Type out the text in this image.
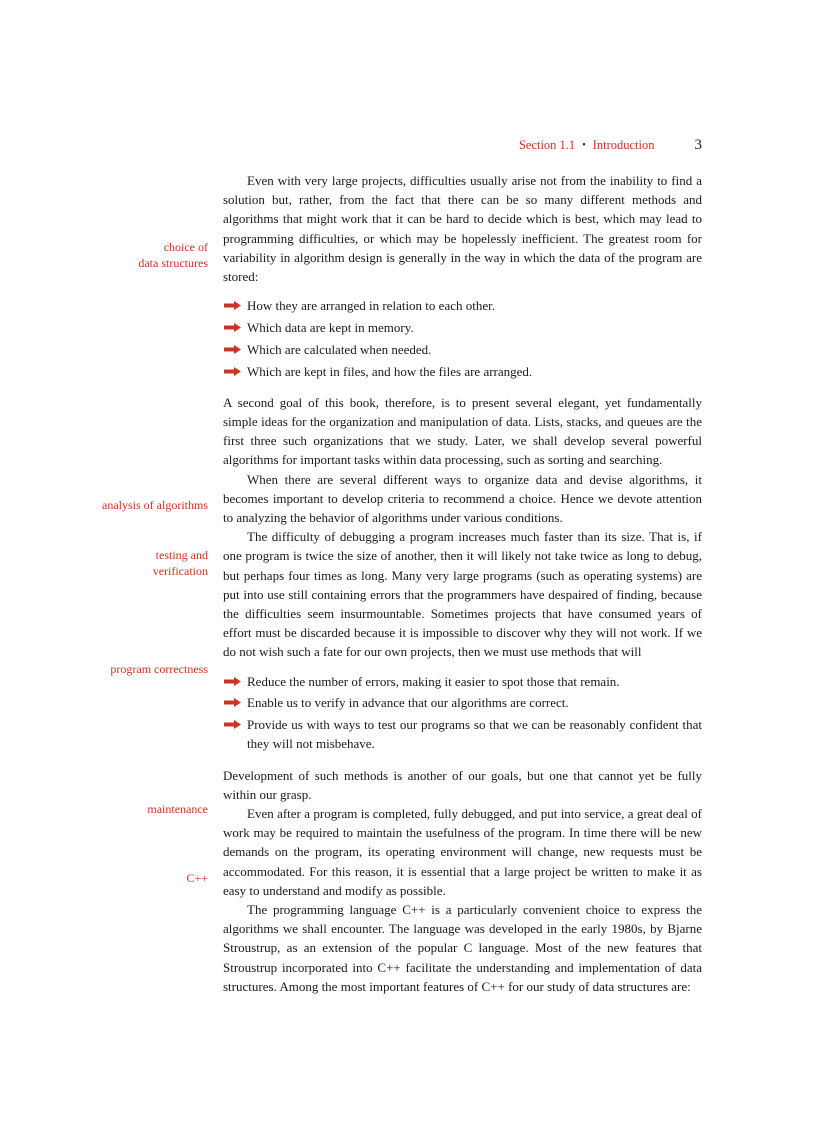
Section 1.1 • Introduction	3
choice of
data structures
analysis of algorithms
testing and
verification
program correctness
maintenance
C++

Even with very large projects, difficulties usually arise not from the inability to find a solution but, rather, from the fact that there can be so many different methods and algorithms that might work that it can be hard to decide which is best, which may lead to programming difficulties, or which may be hopelessly inefficient. The greatest room for variability in algorithm design is generally in the way in which the data of the program are stored:

How they are arranged in relation to each other.
Which data are kept in memory.
Which are calculated when needed.
Which are kept in files, and how the files are arranged.

A second goal of this book, therefore, is to present several elegant, yet fundamentally simple ideas for the organization and manipulation of data. Lists, stacks, and queues are the first three such organizations that we study. Later, we shall develop several powerful algorithms for important tasks within data processing, such as sorting and searching.

When there are several different ways to organize data and devise algorithms, it becomes important to develop criteria to recommend a choice. Hence we devote attention to analyzing the behavior of algorithms under various conditions.

The difficulty of debugging a program increases much faster than its size. That is, if one program is twice the size of another, then it will likely not take twice as long to debug, but perhaps four times as long. Many very large programs (such as operating systems) are put into use still containing errors that the programmers have despaired of finding, because the difficulties seem insurmountable. Sometimes projects that have consumed years of effort must be discarded because it is impossible to discover why they will not work. If we do not wish such a fate for our own projects, then we must use methods that will

Reduce the number of errors, making it easier to spot those that remain.
Enable us to verify in advance that our algorithms are correct.
Provide us with ways to test our programs so that we can be reasonably confident that they will not misbehave.

Development of such methods is another of our goals, but one that cannot yet be fully within our grasp.

Even after a program is completed, fully debugged, and put into service, a great deal of work may be required to maintain the usefulness of the program. In time there will be new demands on the program, its operating environment will change, new requests must be accommodated. For this reason, it is essential that a large project be written to make it as easy to understand and modify as possible.

The programming language C++ is a particularly convenient choice to express the algorithms we shall encounter. The language was developed in the early 1980s, by Bjarne Stroustrup, as an extension of the popular C language. Most of the new features that Stroustrup incorporated into C++ facilitate the understanding and implementation of data structures. Among the most important features of C++ for our study of data structures are:
